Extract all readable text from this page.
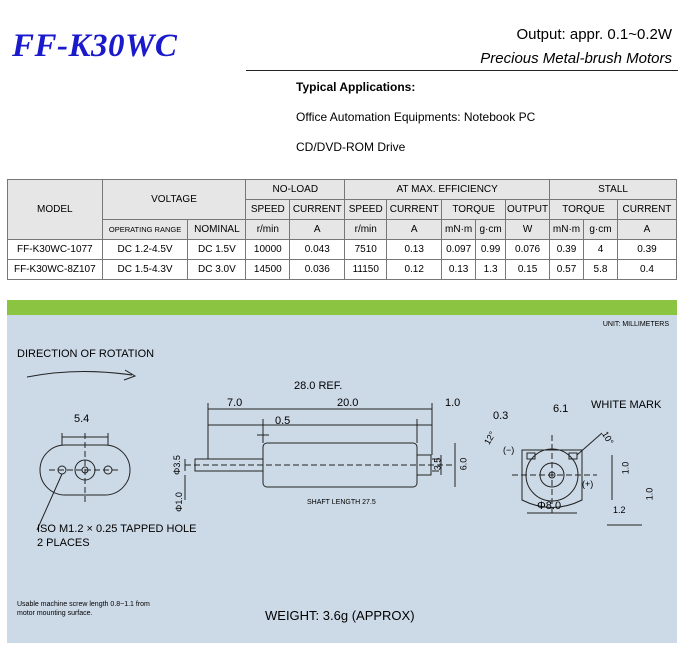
FF-K30WC	Output: appr. 0.1~0.2W
Precious Metal-brush Motors
Typical Applications:
Office Automation Equipments: Notebook PC
CD/DVD-ROM Drive
MODEL	VOLTAGE		NO-LOAD		AT MAX. EFFICIENCY					STALL		
			SPEED	CURRENT	SPEED	CURRENT	TORQUE		OUTPUT	TORQUE		CURRENT
	OPERATING RANGE	NOMINAL	r/min	A	r/min	A	mN·m	g·cm	W	mN·m	g·cm	A
FF-K30WC-1077	DC 1.2-4.5V	DC 1.5V	10000	0.043	7510	0.13	0.097	0.99	0.076	0.39	4	0.39
FF-K30WC-8Z107	DC 1.5-4.3V	DC 3.0V	14500	0.036	11150	0.12	0.13	1.3	0.15	0.57	5.8	0.4
UNIT: MILLIMETERS
DIRECTION OF ROTATION
28.0 REF.
7.0	20.0	1.0
0.5
5.4
Φ3.5
Φ1.0
3.5 6.0
SHAFT LENGTH 27.5
ISO M1.2 × 0.25 TAPPED HOLE
2 PLACES
0.3
6.1 WHITE MARK
12°	10°
(−)
(+)
1.0
1.0
Φ8.0	1.2
Usable machine screw length 0.8~1.1 from
motor mounting surface.	WEIGHT: 3.6g (APPROX)
